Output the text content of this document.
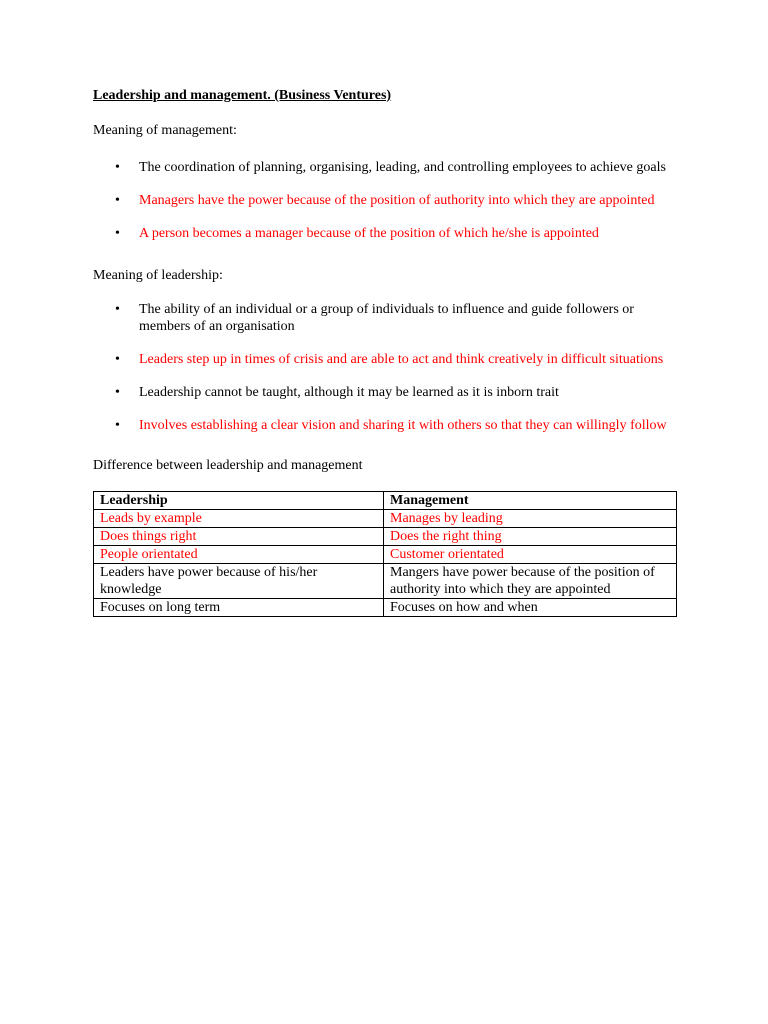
Leadership and management. (Business Ventures)

Meaning of management:

• The coordination of planning, organising, leading, and controlling employees to achieve goals
• Managers have the power because of the position of authority into which they are appointed
• A person becomes a manager because of the position of which he/she is appointed

Meaning of leadership:

• The ability of an individual or a group of individuals to influence and guide followers or members of an organisation
• Leaders step up in times of crisis and are able to act and think creatively in difficult situations
• Leadership cannot be taught, although it may be learned as it is inborn trait
• Involves establishing a clear vision and sharing it with others so that they can willingly follow

Difference between leadership and management

Leadership	Management
Leads by example	Manages by leading
Does things right	Does the right thing
People orientated	Customer orientated
Leaders have power because of his/her knowledge	Mangers have power because of the position of authority into which they are appointed
Focuses on long term	Focuses on how and when
